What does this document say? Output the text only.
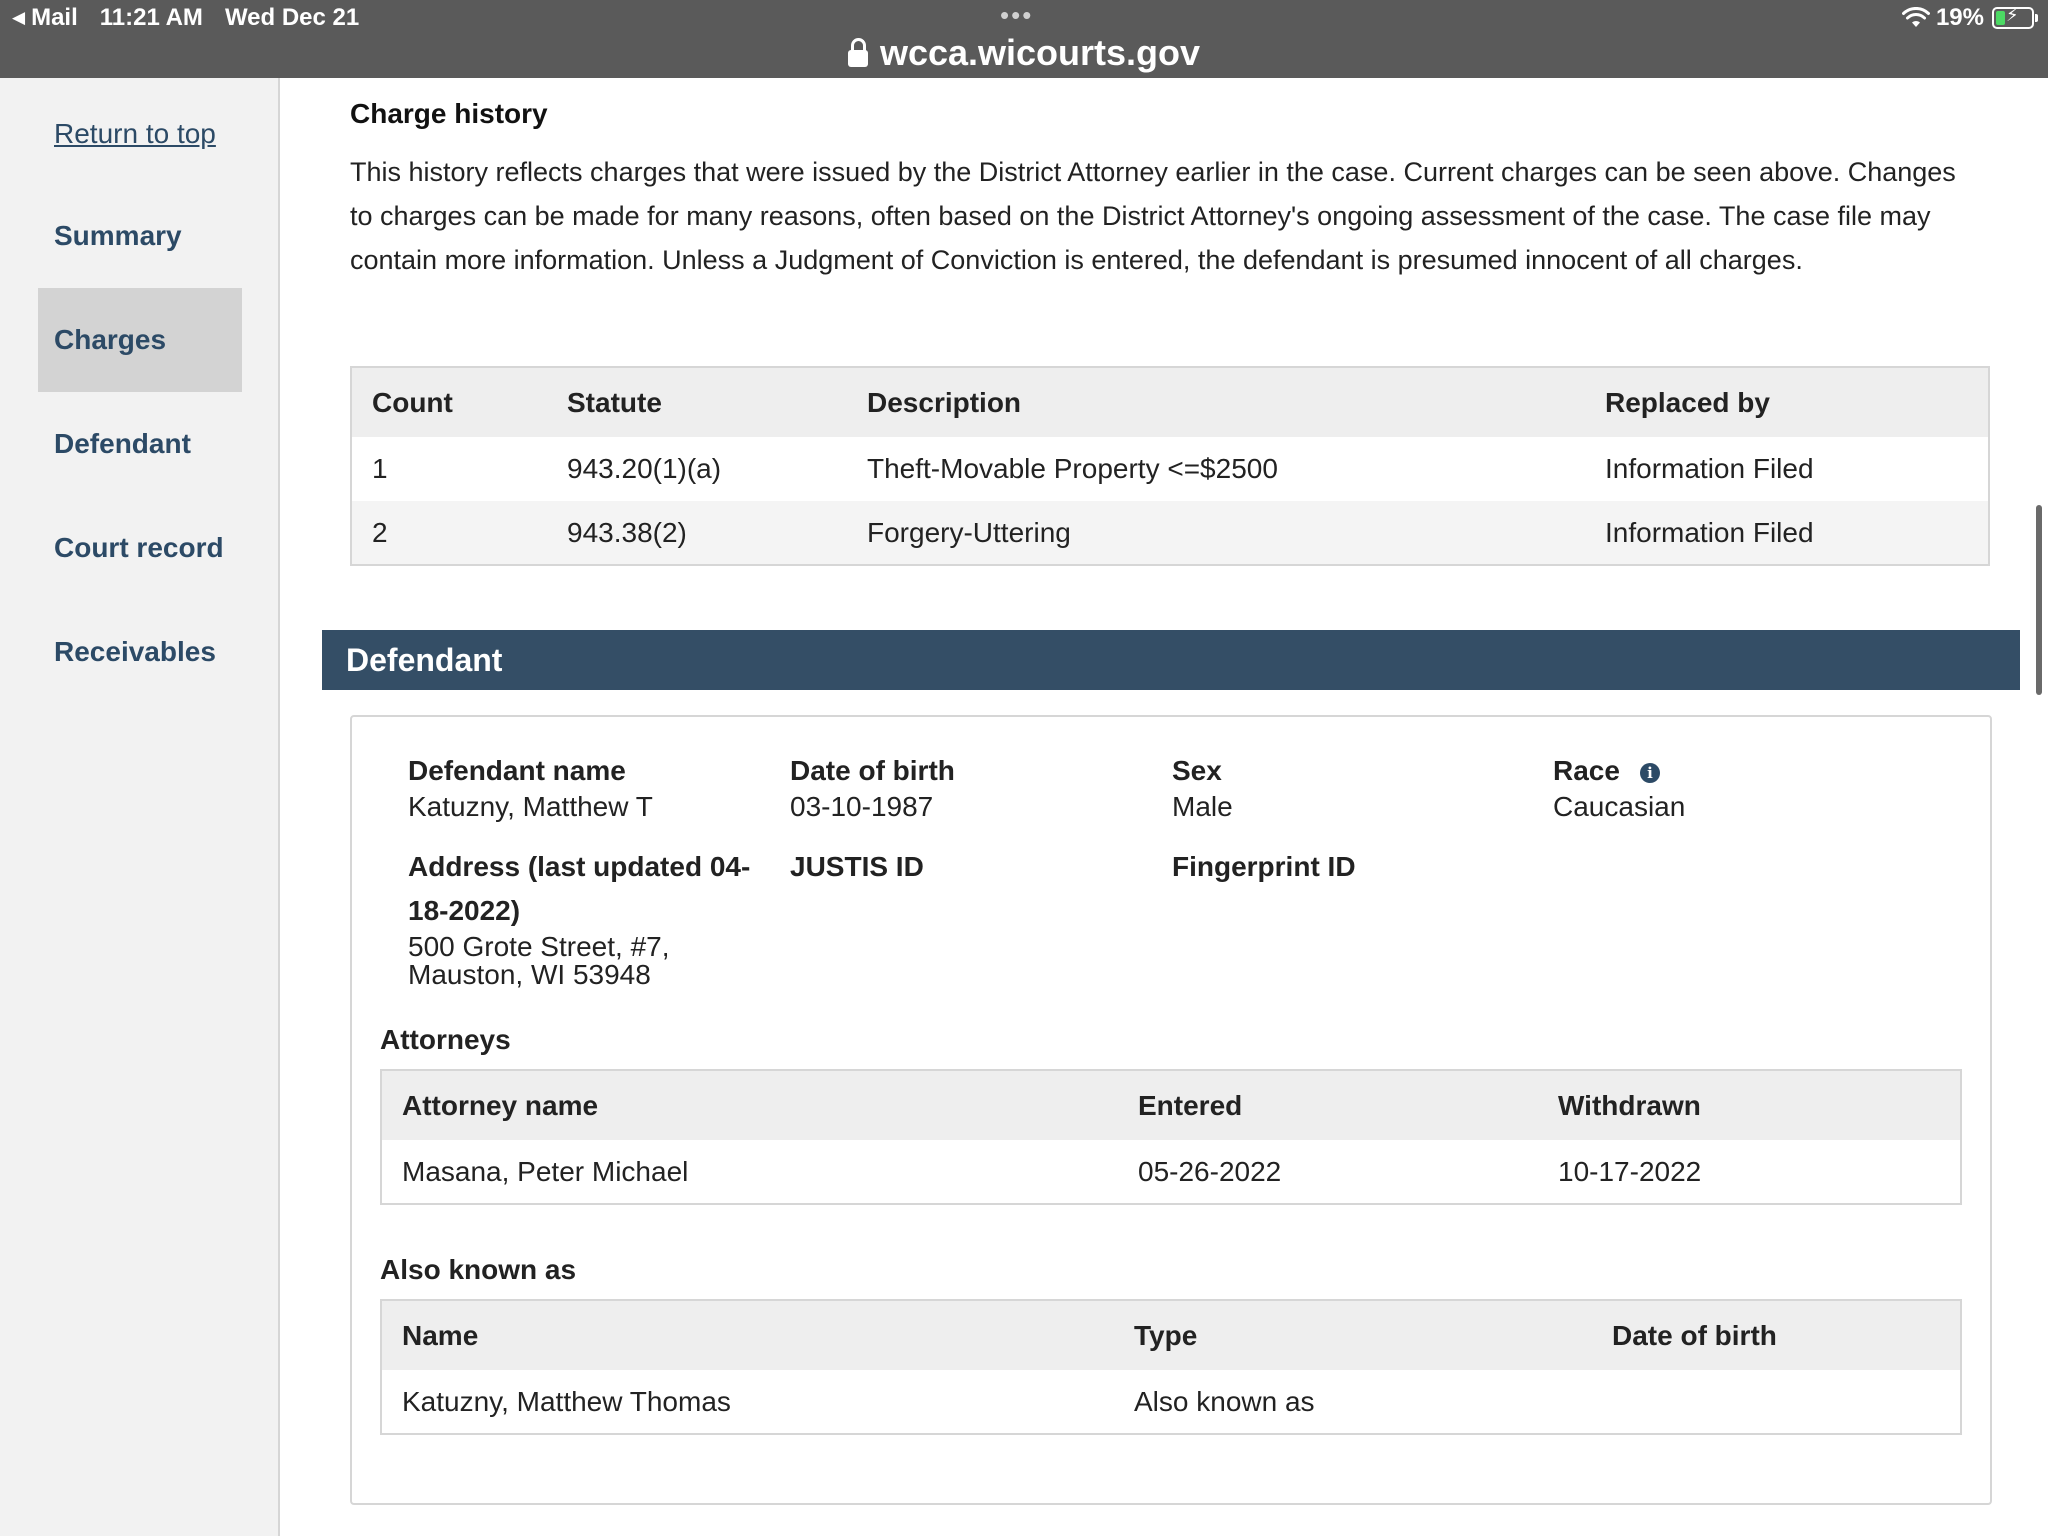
◀ Mail 11:21 AM Wed Dec 21	•••
wcca.wicourts.gov
19% ⚡
Return to top
Summary
Charges
Defendant
Court record
Receivables
Charge history
This history reflects charges that were issued by the District Attorney earlier in the case. Current charges can be seen above. Changes to charges can be made for many reasons, often based on the District Attorney's ongoing assessment of the case. The case file may contain more information. Unless a Judgment of Conviction is entered, the defendant is presumed innocent of all charges.
Count	Statute	Description	Replaced by
1	943.20(1)(a)	Theft-Movable Property <=$2500	Information Filed
2	943.38(2)	Forgery-Uttering	Information Filed
Defendant
Defendant name
Katuzny, Matthew T
Date of birth
03-10-1987
Sex
Male
Race i
Caucasian
Address (last updated 04-
18-2022)
500 Grote Street, #7,
Mauston, WI 53948
JUSTIS ID	Fingerprint ID
Attorneys
Attorney name	Entered	Withdrawn
Masana, Peter Michael	05-26-2022	10-17-2022
Also known as
Name	Type	Date of birth
Katuzny, Matthew Thomas	Also known as	
